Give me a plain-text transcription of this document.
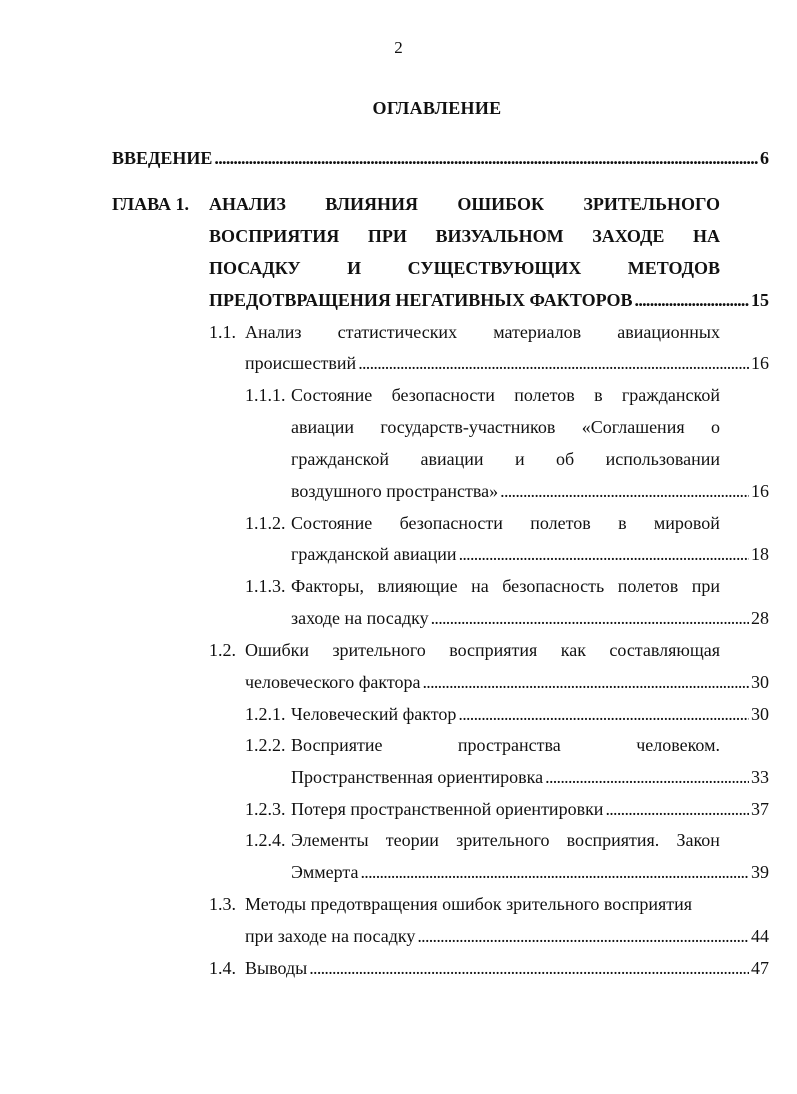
2
ОГЛАВЛЕНИЕ
ВВЕДЕНИЕ . . .	6
ГЛАВА 1. АНАЛИЗ ВЛИЯНИЯ ОШИБОК ЗРИТЕЛЬНОГО
ВОСПРИЯТИЯ ПРИ ВИЗУАЛЬНОМ ЗАХОДЕ НА
ПОСАДКУ	И	СУЩЕСТВУЮЩИХ	МЕТОДОВ
ПРЕДОТВРАЩЕНИЯ НЕГАТИВНЫХ ФАКТОРОВ . . .	15
1.1. Анализ статистических материалов авиационных
происшествий . . .	16
1.1.1. Состояние безопасности полетов в гражданской
авиации государств-участников «Соглашения о
гражданской авиации и об использовании
воздушного пространства» . . .	16
1.1.2. Состояние безопасности полетов в мировой
гражданской авиации . . .	18
1.1.3. Факторы, влияющие на безопасность полетов при
заходе на посадку . . .	28
1.2. Ошибки зрительного восприятия как составляющая
человеческого фактора . . .	30
1.2.1. Человеческий фактор . . .	30
1.2.2. Восприятие	пространства	человеком.
Пространственная ориентировка . . .	33
1.2.3. Потеря пространственной ориентировки . . .	37
1.2.4. Элементы теории зрительного восприятия. Закон
Эммерта . . .	39
1.3. Методы предотвращения ошибок зрительного восприятия
при заходе на посадку . . .	44
1.4. Выводы . . .	47
